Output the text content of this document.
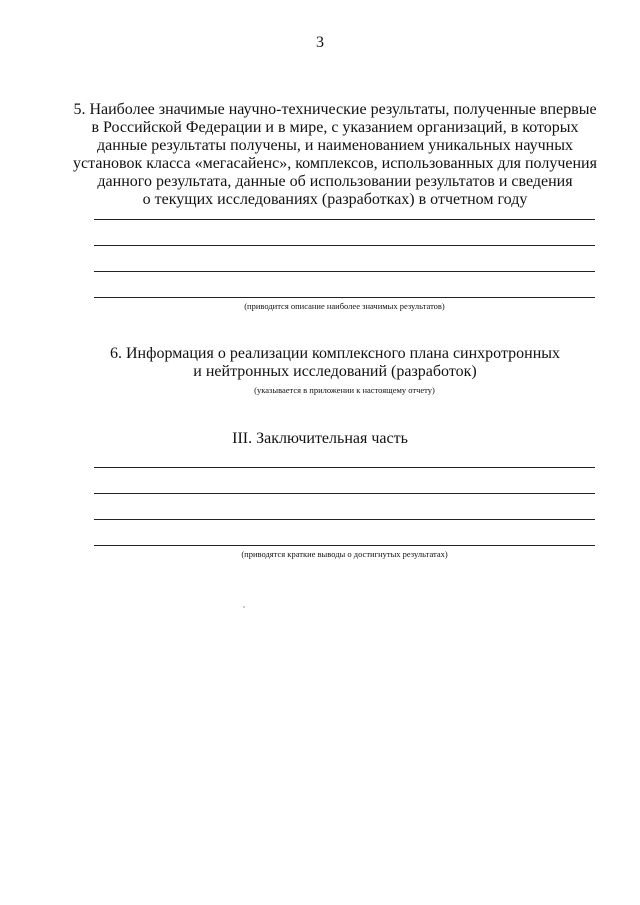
3
5. Наиболее значимые научно-технические результаты, полученные впервые
в Российской Федерации и в мире, с указанием организаций, в которых
данные результаты получены, и наименованием уникальных научных
установок класса «мегасайенс», комплексов, использованных для получения
данного результата, данные об использовании результатов и сведения
о текущих исследованиях (разработках) в отчетном году
(приводится описание наиболее значимых результатов)
6. Информация о реализации комплексного плана синхротронных
и нейтронных исследований (разработок)
(указывается в приложении к настоящему отчету)
III. Заключительная часть
(приводятся краткие выводы о достигнутых результатах)
